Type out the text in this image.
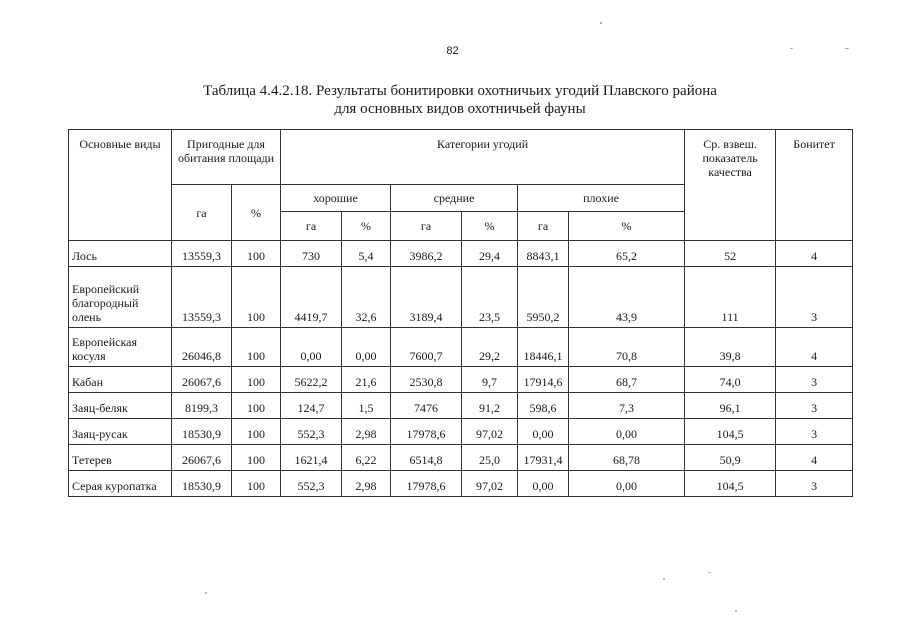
82
Таблица 4.4.2.18. Результаты бонитировки охотничьих угодий Плавского района
для основных видов охотничьей фауны
Основные виды	Пригодные для обитания площади		Категории угодий						Ср. взвеш. показатель качества	Бонитет
	га	%	хорошие		средние		плохие			
			га	%	га	%	га	%		
Лось	13559,3	100	730	5,4	3986,2	29,4	8843,1	65,2	52	4
Европейский благородный олень	13559,3	100	4419,7	32,6	3189,4	23,5	5950,2	43,9	111	3
Европейская косуля	26046,8	100	0,00	0,00	7600,7	29,2	18446,1	70,8	39,8	4
Кабан	26067,6	100	5622,2	21,6	2530,8	9,7	17914,6	68,7	74,0	3
Заяц-беляк	8199,3	100	124,7	1,5	7476	91,2	598,6	7,3	96,1	3
Заяц-русак	18530,9	100	552,3	2,98	17978,6	97,02	0,00	0,00	104,5	3
Тетерев	26067,6	100	1621,4	6,22	6514,8	25,0	17931,4	68,78	50,9	4
Серая куропатка	18530,9	100	552,3	2,98	17978,6	97,02	0,00	0,00	104,5	3
